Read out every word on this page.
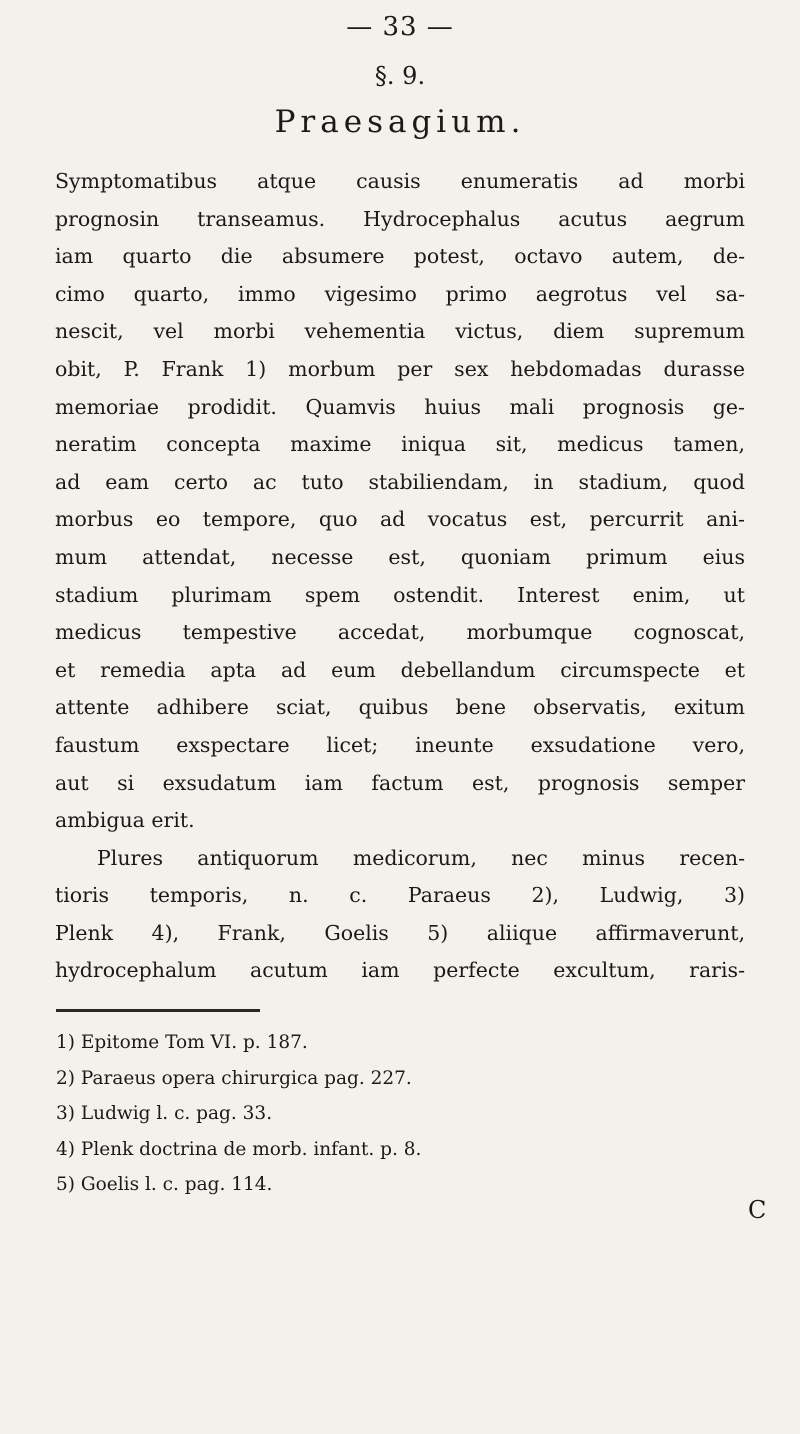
— 33 —
§. 9.
Praesagium.
Symptomatibus atque causis enumeratis ad morbi
prognosin transeamus. Hydrocephalus acutus aegrum
iam quarto die absumere potest, octavo autem, de-
cimo quarto, immo vigesimo primo aegrotus vel sa-
nescit, vel morbi vehementia victus, diem supremum
obit, P. Frank 1) morbum per sex hebdomadas durasse
memoriae prodidit. Quamvis huius mali prognosis ge-
neratim concepta maxime iniqua sit, medicus tamen,
ad eam certo ac tuto stabiliendam, in stadium, quod
morbus eo tempore, quo ad vocatus est, percurrit ani-
mum attendat, necesse est, quoniam primum eius
stadium plurimam spem ostendit. Interest enim, ut
medicus tempestive accedat, morbumque cognoscat,
et remedia apta ad eum debellandum circumspecte et
attente adhibere sciat, quibus bene observatis, exitum
faustum exspectare licet; ineunte exsudatione vero,
aut si exsudatum iam factum est, prognosis semper
ambigua erit.
Plures antiquorum medicorum, nec minus recen-
tioris temporis, n. c. Paraeus 2), Ludwig, 3)
Plenk 4), Frank, Goelis 5) aliique affirmaverunt,
hydrocephalum acutum iam perfecte excultum, raris-
1) Epitome Tom VI. p. 187.
2) Paraeus opera chirurgica pag. 227.
3) Ludwig l. c. pag. 33.
4) Plenk doctrina de morb. infant. p. 8.
5) Goelis l. c. pag. 114.
C
